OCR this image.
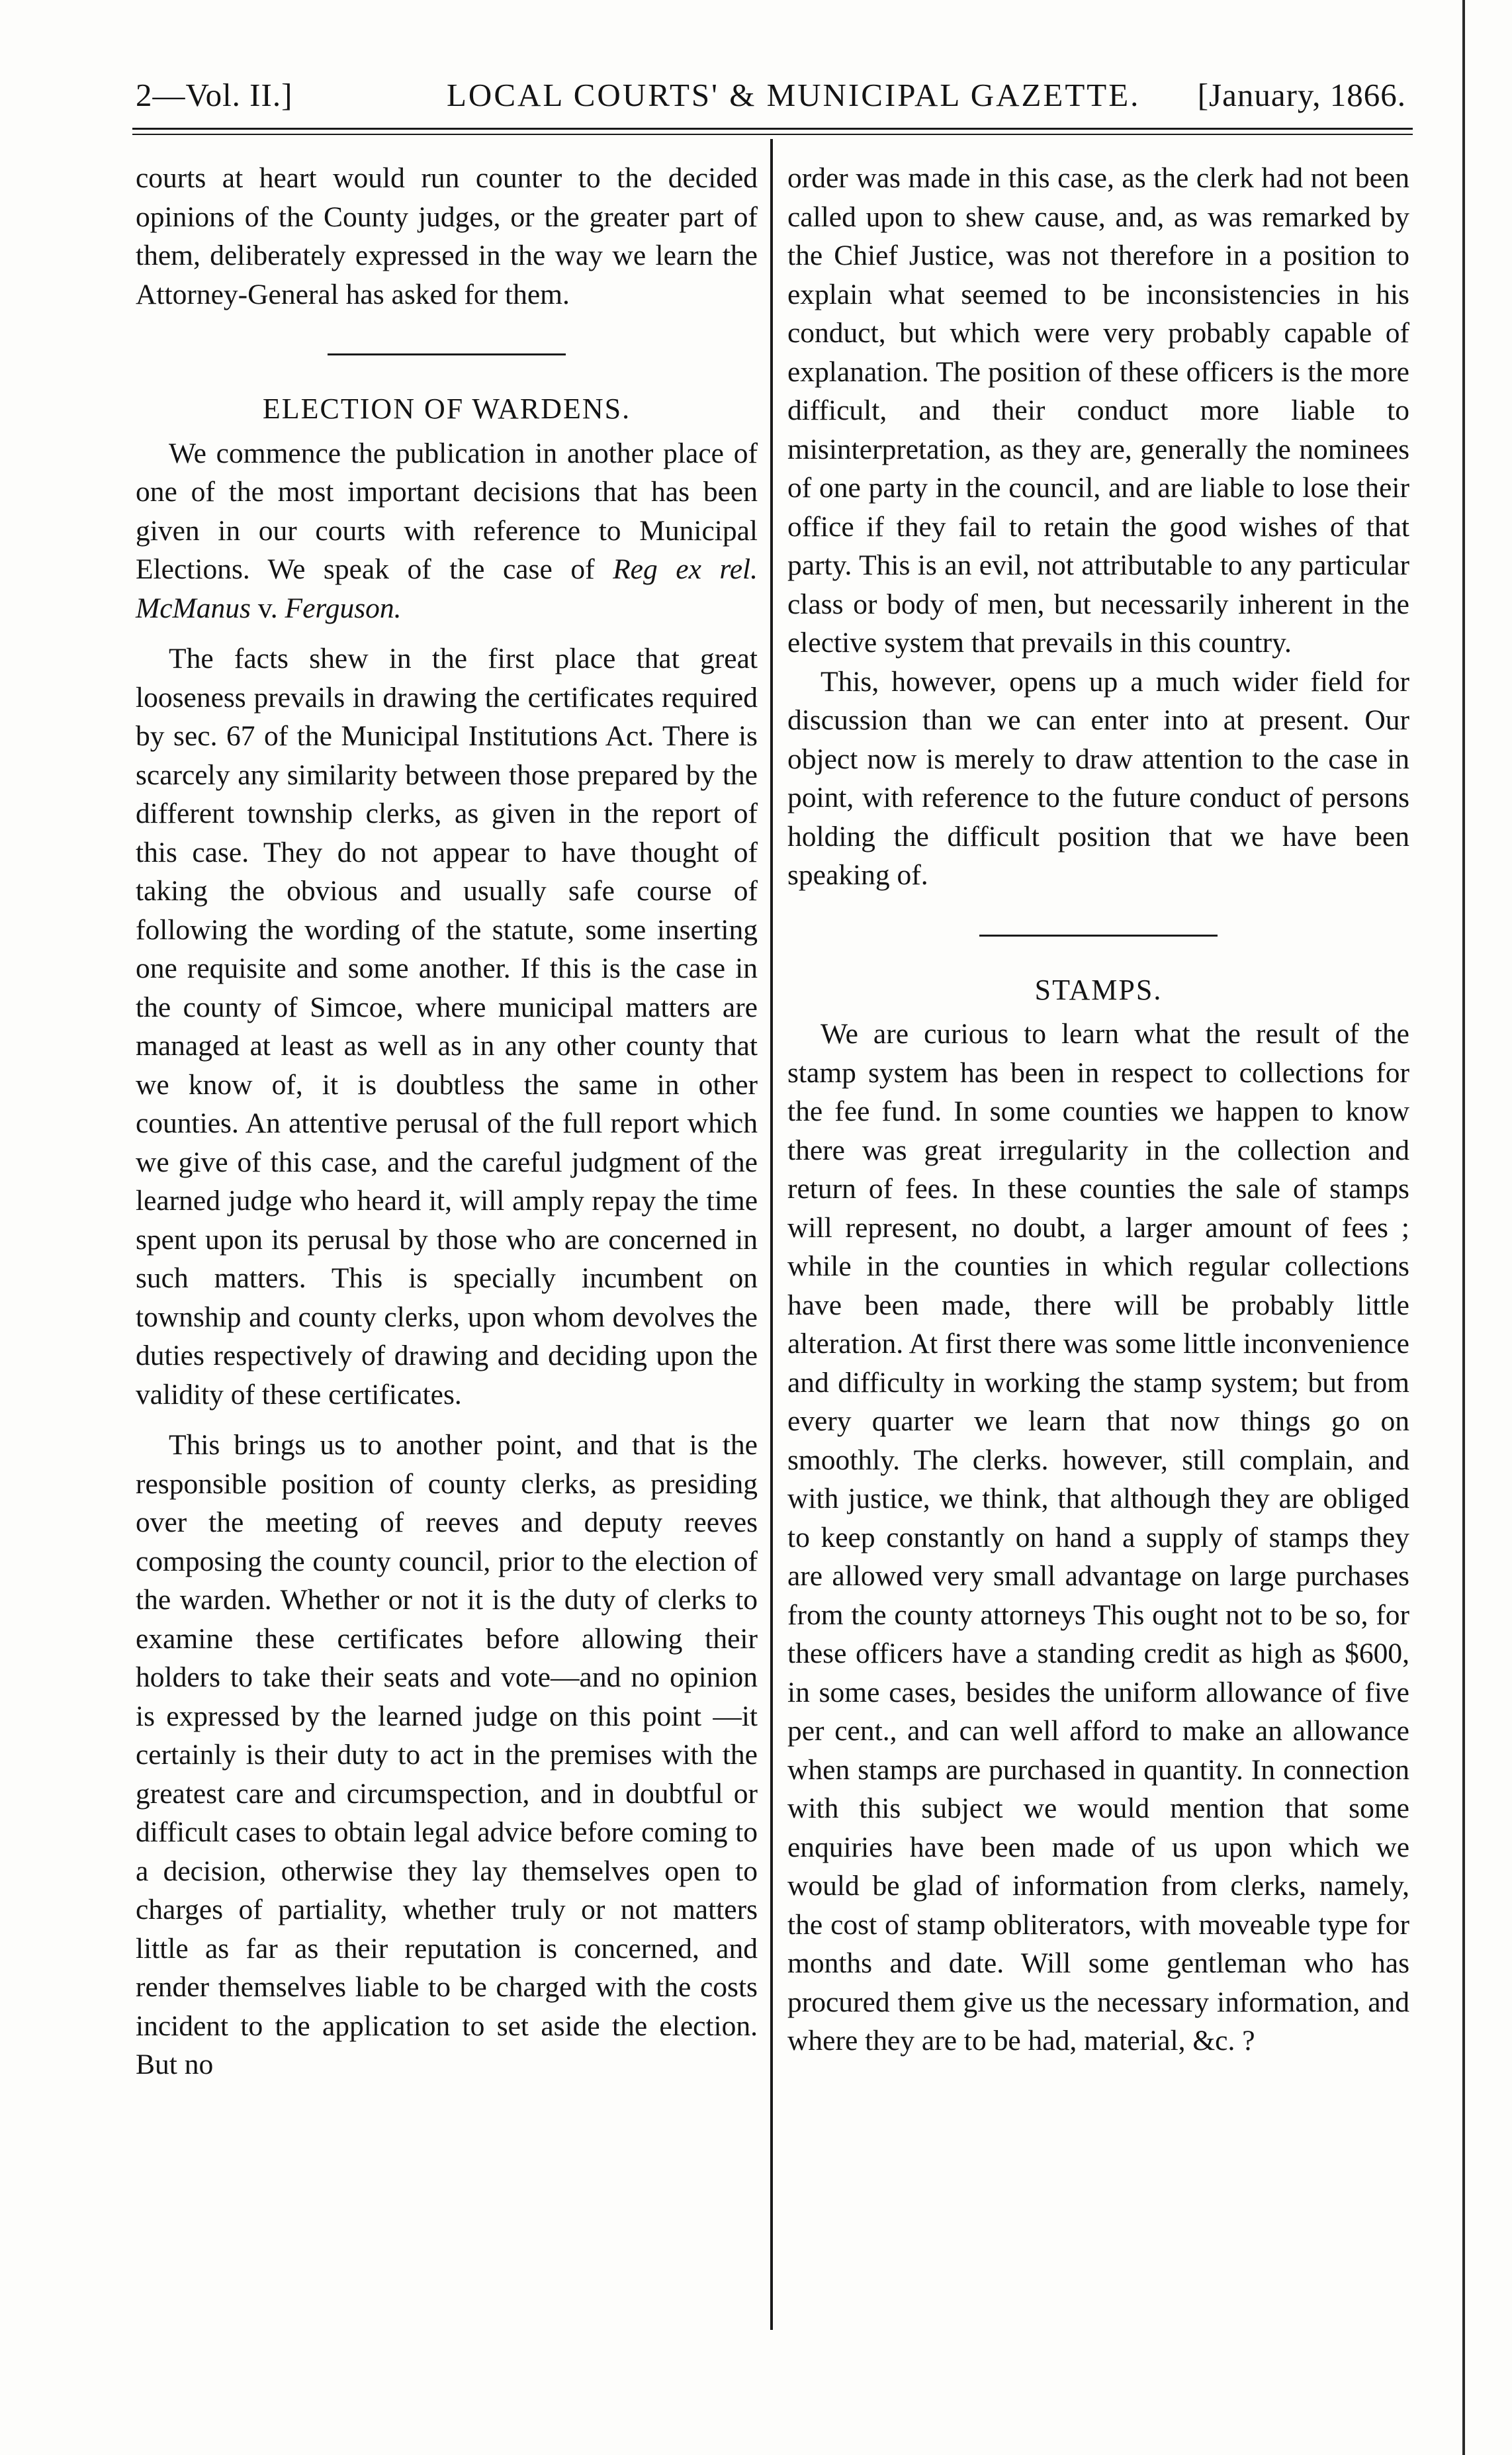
2—Vol. II.]	LOCAL COURTS' & MUNICIPAL GAZETTE. [January, 1866.

courts at heart would run counter to the decided opinions of the County judges, or the greater part of them, deliberately expressed in the way we learn the Attorney-General has asked for them.

ELECTION OF WARDENS.

We commence the publication in another place of one of the most important decisions that has been given in our courts with reference to Municipal Elections. We speak of the case of Reg ex rel. McManus v. Ferguson.

The facts shew in the first place that great looseness prevails in drawing the certificates required by sec. 67 of the Municipal Institutions Act. There is scarcely any similarity between those prepared by the different township clerks, as given in the report of this case. They do not appear to have thought of taking the obvious and usually safe course of following the wording of the statute, some inserting one requisite and some another. If this is the case in the county of Simcoe, where municipal matters are managed at least as well as in any other county that we know of, it is doubtless the same in other counties. An attentive perusal of the full report which we give of this case, and the careful judgment of the learned judge who heard it, will amply repay the time spent upon its perusal by those who are concerned in such matters. This is specially incumbent on township and county clerks, upon whom devolves the duties respectively of drawing and deciding upon the validity of these certificates.

This brings us to another point, and that is the responsible position of county clerks, as presiding over the meeting of reeves and deputy reeves composing the county council, prior to the election of the warden. Whether or not it is the duty of clerks to examine these certificates before allowing their holders to take their seats and vote—and no opinion is expressed by the learned judge on this point —it certainly is their duty to act in the premises with the greatest care and circumspection, and in doubtful or difficult cases to obtain legal advice before coming to a decision, otherwise they lay themselves open to charges of partiality, whether truly or not matters little as far as their reputation is concerned, and render themselves liable to be charged with the costs incident to the application to set aside the election. But no

order was made in this case, as the clerk had not been called upon to shew cause, and, as was remarked by the Chief Justice, was not therefore in a position to explain what seemed to be inconsistencies in his conduct, but which were very probably capable of explanation. The position of these officers is the more difficult, and their conduct more liable to misinterpretation, as they are, generally the nominees of one party in the council, and are liable to lose their office if they fail to retain the good wishes of that party. This is an evil, not attributable to any particular class or body of men, but necessarily inherent in the elective system that prevails in this country.

This, however, opens up a much wider field for discussion than we can enter into at present. Our object now is merely to draw attention to the case in point, with reference to the future conduct of persons holding the difficult position that we have been speaking of.

STAMPS.

We are curious to learn what the result of the stamp system has been in respect to collections for the fee fund. In some counties we happen to know there was great irregularity in the collection and return of fees. In these counties the sale of stamps will represent, no doubt, a larger amount of fees ; while in the counties in which regular collections have been made, there will be probably little alteration. At first there was some little inconvenience and difficulty in working the stamp system; but from every quarter we learn that now things go on smoothly. The clerks. however, still complain, and with justice, we think, that although they are obliged to keep constantly on hand a supply of stamps they are allowed very small advantage on large purchases from the county attorneys This ought not to be so, for these officers have a standing credit as high as $600, in some cases, besides the uniform allowance of five per cent., and can well afford to make an allowance when stamps are purchased in quantity. In connection with this subject we would mention that some enquiries have been made of us upon which we would be glad of information from clerks, namely, the cost of stamp obliterators, with moveable type for months and date. Will some gentleman who has procured them give us the necessary information, and where they are to be had, material, &c. ?
